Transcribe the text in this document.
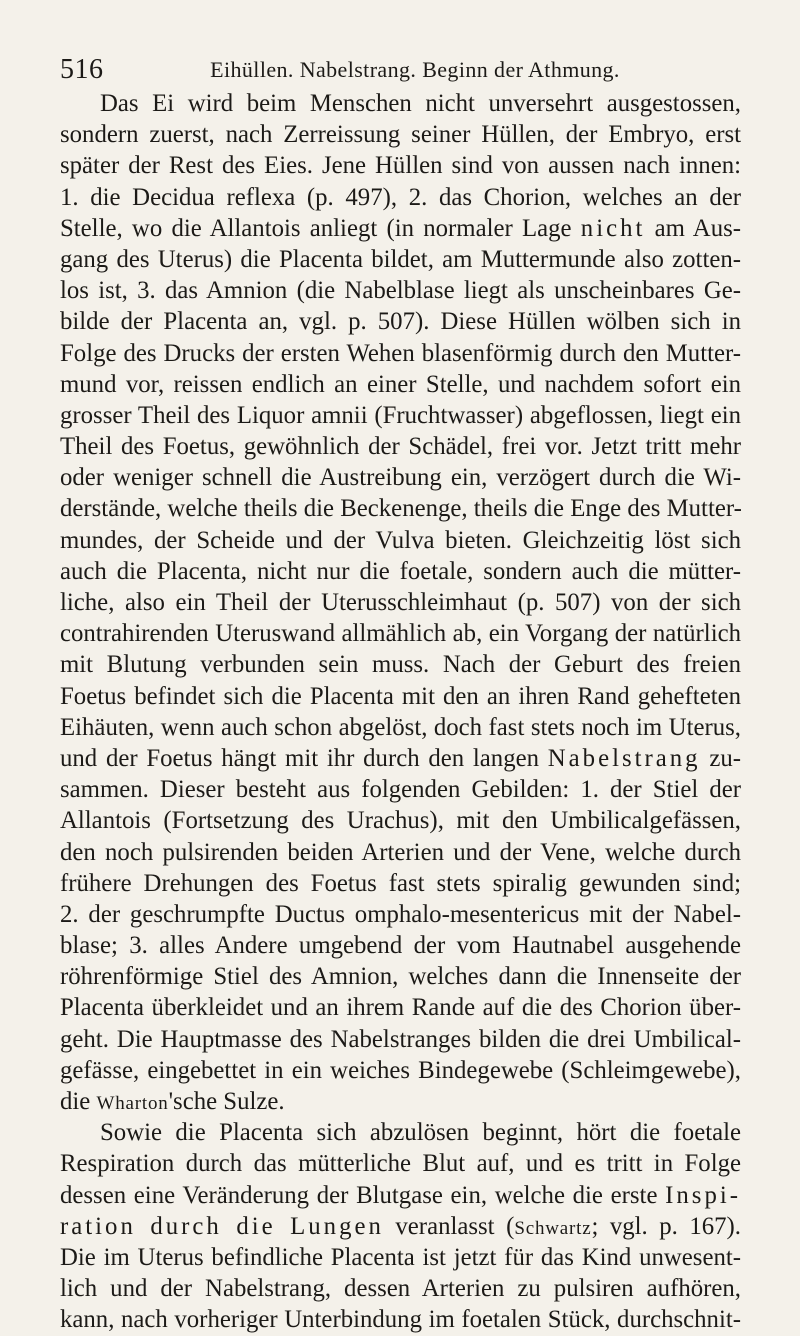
516	Eihüllen. Nabelstrang. Beginn der Athmung.
Das Ei wird beim Menschen nicht unversehrt ausgestossen,
sondern zuerst, nach Zerreissung seiner Hüllen, der Embryo, erst
später der Rest des Eies. Jene Hüllen sind von aussen nach innen:
1. die Decidua reflexa (p. 497), 2. das Chorion, welches an der
Stelle, wo die Allantois anliegt (in normaler Lage nicht am Aus-
gang des Uterus) die Placenta bildet, am Muttermunde also zotten-
los ist, 3. das Amnion (die Nabelblase liegt als unscheinbares Ge-
bilde der Placenta an, vgl. p. 507). Diese Hüllen wölben sich in
Folge des Drucks der ersten Wehen blasenförmig durch den Mutter-
mund vor, reissen endlich an einer Stelle, und nachdem sofort ein
grosser Theil des Liquor amnii (Fruchtwasser) abgeflossen, liegt ein
Theil des Foetus, gewöhnlich der Schädel, frei vor. Jetzt tritt mehr
oder weniger schnell die Austreibung ein, verzögert durch die Wi-
derstände, welche theils die Beckenenge, theils die Enge des Mutter-
mundes, der Scheide und der Vulva bieten. Gleichzeitig löst sich
auch die Placenta, nicht nur die foetale, sondern auch die mütter-
liche, also ein Theil der Uterusschleimhaut (p. 507) von der sich
contrahirenden Uteruswand allmählich ab, ein Vorgang der natürlich
mit Blutung verbunden sein muss. Nach der Geburt des freien
Foetus befindet sich die Placenta mit den an ihren Rand gehefteten
Eihäuten, wenn auch schon abgelöst, doch fast stets noch im Uterus,
und der Foetus hängt mit ihr durch den langen Nabelstrang zu-
sammen. Dieser besteht aus folgenden Gebilden: 1. der Stiel der
Allantois (Fortsetzung des Urachus), mit den Umbilicalgefässen,
den noch pulsirenden beiden Arterien und der Vene, welche durch
frühere Drehungen des Foetus fast stets spiralig gewunden sind;
2. der geschrumpfte Ductus omphalo-mesentericus mit der Nabel-
blase; 3. alles Andere umgebend der vom Hautnabel ausgehende
röhrenförmige Stiel des Amnion, welches dann die Innenseite der
Placenta überkleidet und an ihrem Rande auf die des Chorion über-
geht. Die Hauptmasse des Nabelstranges bilden die drei Umbilical-
gefässe, eingebettet in ein weiches Bindegewebe (Schleimgewebe),
die Wharton'sche Sulze.
Sowie die Placenta sich abzulösen beginnt, hört die foetale
Respiration durch das mütterliche Blut auf, und es tritt in Folge
dessen eine Veränderung der Blutgase ein, welche die erste Inspi-
ration durch die Lungen veranlasst (Schwartz; vgl. p. 167).
Die im Uterus befindliche Placenta ist jetzt für das Kind unwesent-
lich und der Nabelstrang, dessen Arterien zu pulsiren aufhören,
kann, nach vorheriger Unterbindung im foetalen Stück, durchschnit-
